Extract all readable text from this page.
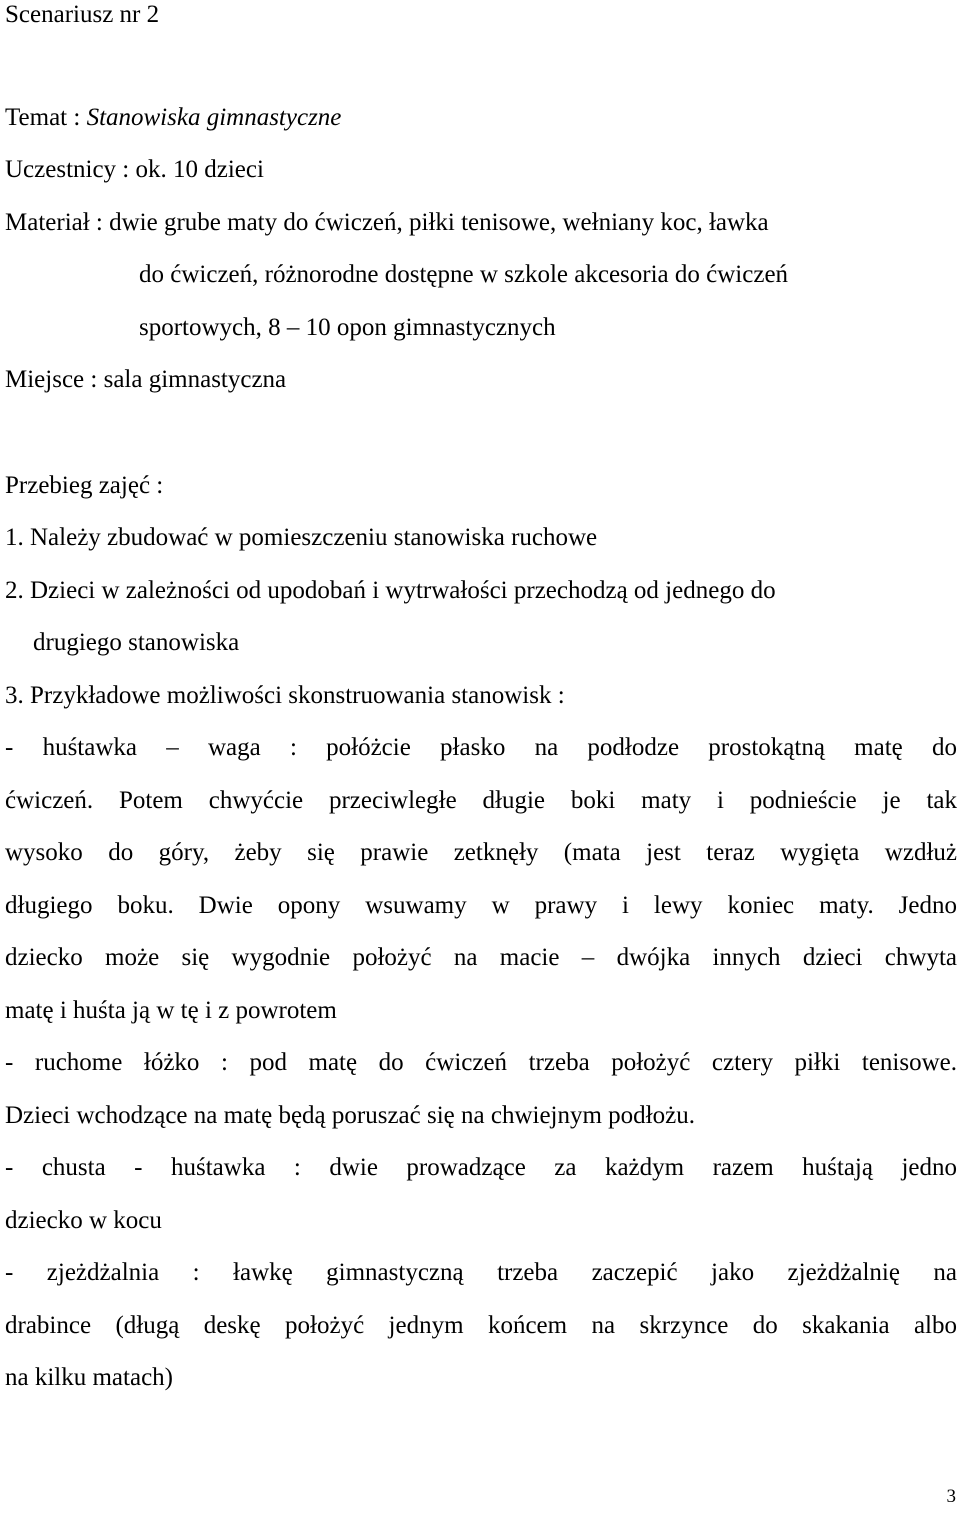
Scenariusz nr 2
Temat : Stanowiska gimnastyczne
Uczestnicy : ok. 10 dzieci
Materiał : dwie grube maty do ćwiczeń, piłki tenisowe, wełniany koc, ławka
do ćwiczeń, różnorodne dostępne w szkole akcesoria do ćwiczeń
sportowych, 8 – 10 opon gimnastycznych
Miejsce : sala gimnastyczna
Przebieg zajęć :
1. Należy zbudować w pomieszczeniu stanowiska ruchowe
2. Dzieci w zależności od upodobań i wytrwałości przechodzą od jednego do
drugiego stanowiska
3. Przykładowe możliwości skonstruowania stanowisk :
- huśtawka – waga : połóżcie płasko na podłodze prostokątną matę do
ćwiczeń. Potem chwyćcie przeciwległe długie boki maty i podnieście je tak
wysoko do góry, żeby się prawie zetknęły (mata jest teraz wygięta wzdłuż
długiego boku. Dwie opony wsuwamy w prawy i lewy koniec maty. Jedno
dziecko może się wygodnie położyć na macie – dwójka innych dzieci chwyta
matę i huśta ją w tę i z powrotem
- ruchome łóżko : pod matę do ćwiczeń trzeba położyć cztery piłki tenisowe.
Dzieci wchodzące na matę będą poruszać się na chwiejnym podłożu.
- chusta - huśtawka : dwie prowadzące za każdym razem huśtają jedno
dziecko w kocu
- zjeżdżalnia : ławkę gimnastyczną trzeba zaczepić jako zjeżdżalnię na
drabince (długą deskę położyć jednym końcem na skrzynce do skakania albo
na kilku matach)
3
